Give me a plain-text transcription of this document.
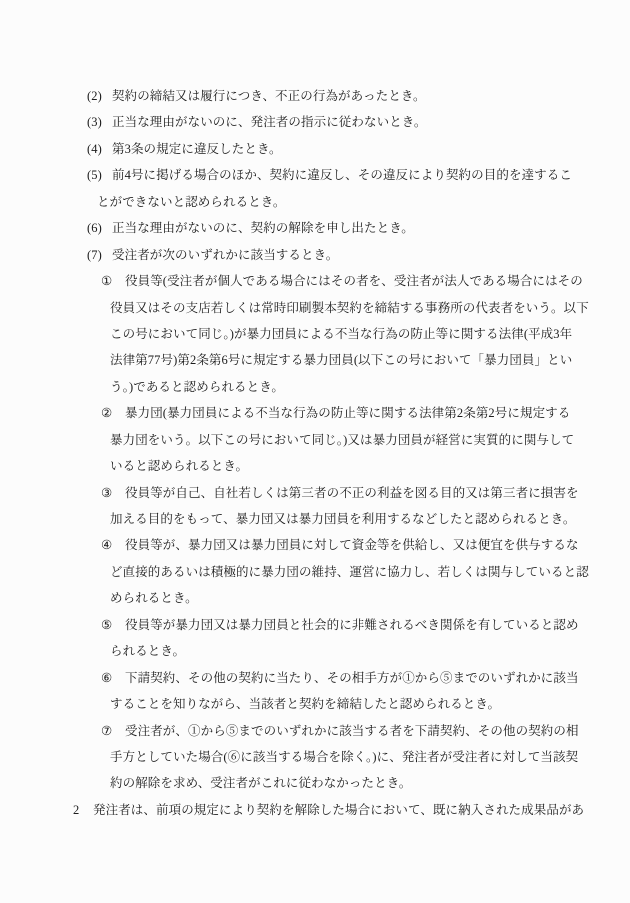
(2) 契約の締結又は履行につき、不正の行為があったとき。
(3) 正当な理由がないのに、発注者の指示に従わないとき。
(4) 第3条の規定に違反したとき。
(5) 前4号に掲げる場合のほか、契約に違反し、その違反により契約の目的を達するこ
とができないと認められるとき。
(6) 正当な理由がないのに、契約の解除を申し出たとき。
(7) 受注者が次のいずれかに該当するとき。
① 役員等(受注者が個人である場合にはその者を、受注者が法人である場合にはその
役員又はその支店若しくは常時印刷製本契約を締結する事務所の代表者をいう。以下
この号において同じ。)が暴力団員による不当な行為の防止等に関する法律(平成3年
法律第77号)第2条第6号に規定する暴力団員(以下この号において「暴力団員」とい
う。)であると認められるとき。
② 暴力団(暴力団員による不当な行為の防止等に関する法律第2条第2号に規定する
暴力団をいう。以下この号において同じ。)又は暴力団員が経営に実質的に関与して
いると認められるとき。
③ 役員等が自己、自社若しくは第三者の不正の利益を図る目的又は第三者に損害を
加える目的をもって、暴力団又は暴力団員を利用するなどしたと認められるとき。
④ 役員等が、暴力団又は暴力団員に対して資金等を供給し、又は便宜を供与するな
ど直接的あるいは積極的に暴力団の維持、運営に協力し、若しくは関与していると認
められるとき。
⑤ 役員等が暴力団又は暴力団員と社会的に非難されるべき関係を有していると認め
られるとき。
⑥ 下請契約、その他の契約に当たり、その相手方が①から⑤までのいずれかに該当
することを知りながら、当該者と契約を締結したと認められるとき。
⑦ 受注者が、①から⑤までのいずれかに該当する者を下請契約、その他の契約の相
手方としていた場合(⑥に該当する場合を除く。)に、発注者が受注者に対して当該契
約の解除を求め、受注者がこれに従わなかったとき。
2 発注者は、前項の規定により契約を解除した場合において、既に納入された成果品があ
